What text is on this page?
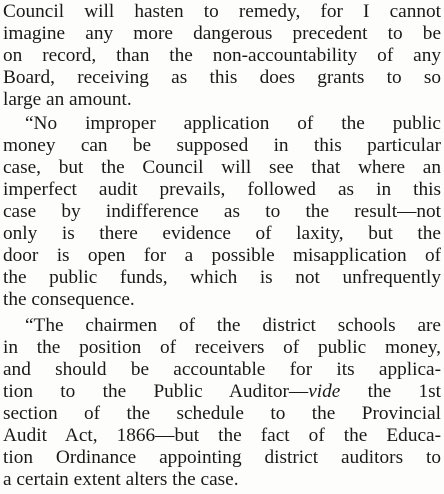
Council will hasten to remedy, for I cannot
imagine any more dangerous precedent to be
on record, than the non-accountability of any
Board, receiving as this does grants to so
large an amount.
“No improper application of the public
money can be supposed in this particular
case, but the Council will see that where an
imperfect audit prevails, followed as in this
case by indifference as to the result—not
only is there evidence of laxity, but the
door is open for a possible misapplication of
the public funds, which is not unfrequently
the consequence.
“The chairmen of the district schools are
in the position of receivers of public money,
and should be accountable for its applica-
tion to the Public Auditor—vide the 1st
section of the schedule to the Provincial
Audit Act, 1866—but the fact of the Educa-
tion Ordinance appointing district auditors to
a certain extent alters the case.
